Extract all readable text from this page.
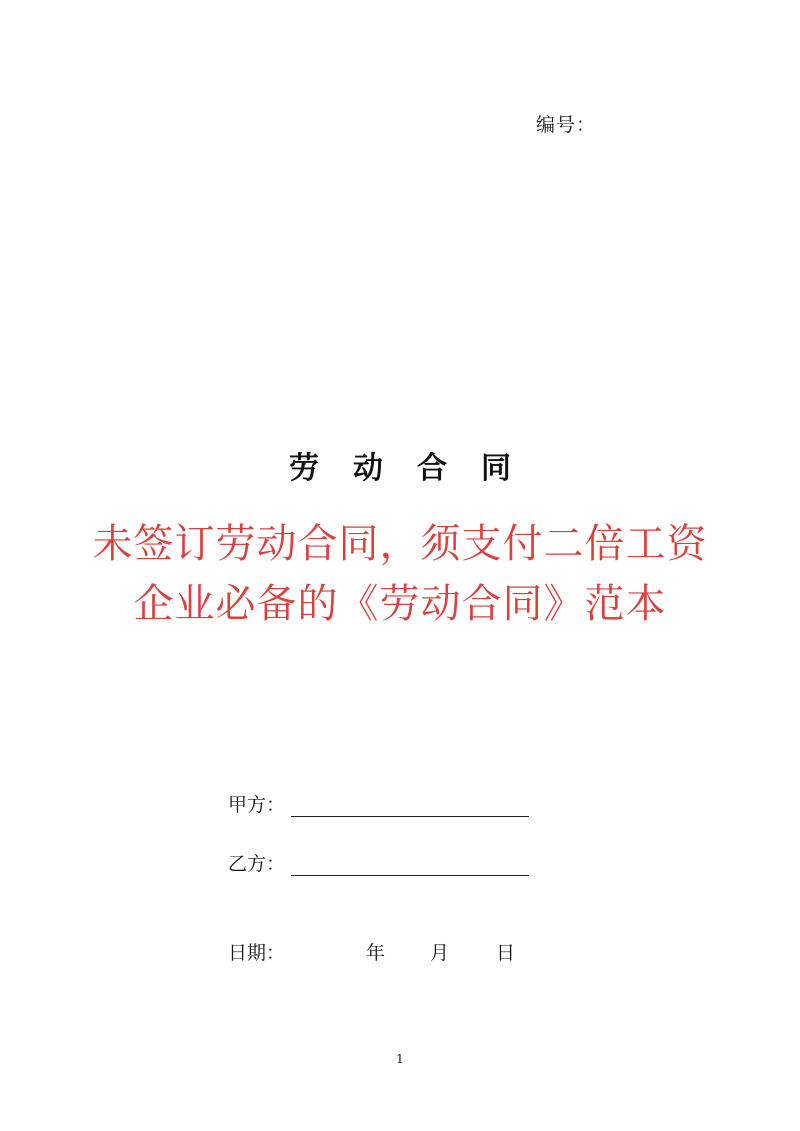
编号：
劳动合同
未签订劳动合同，须支付二倍工资
企业必备的《劳动合同》范本
甲方：
乙方：
日期：	年 月 日
1
